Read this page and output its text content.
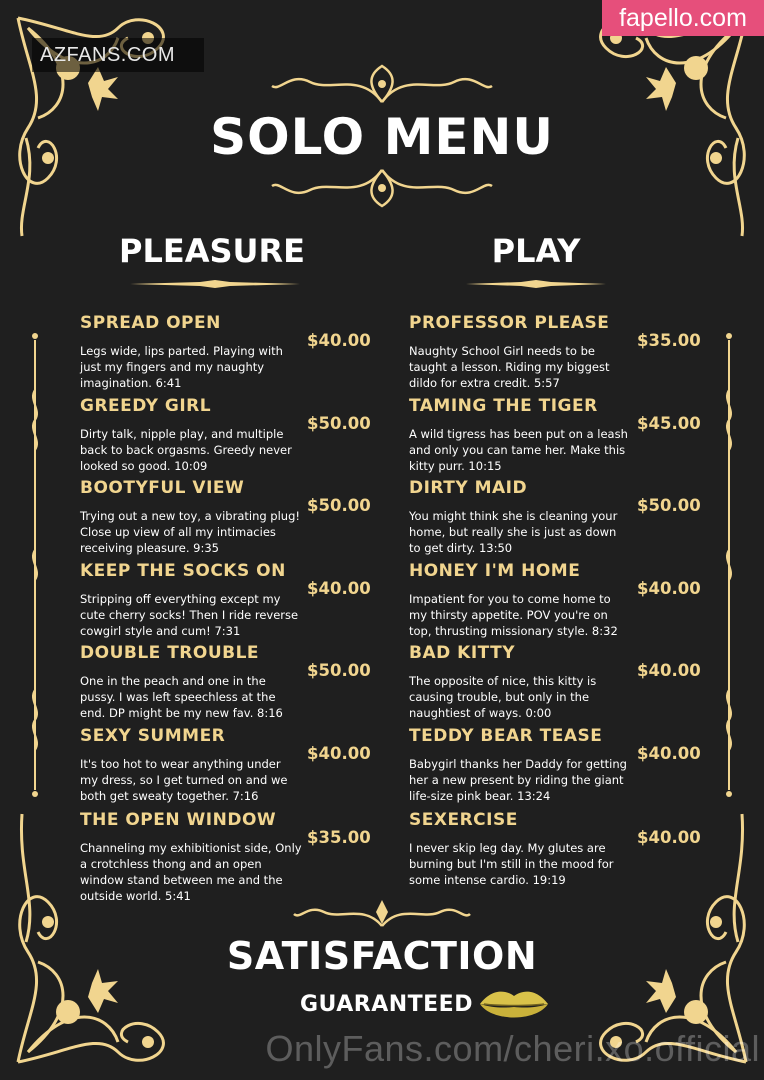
AZFANS.COM
fapello.com
SOLO MENU
PLEASURE	PLAY
SPREAD OPEN
Legs wide, lips parted. Playing with just my fingers and my naughty imagination. 6:41
$40.00
GREEDY GIRL
Dirty talk, nipple play, and multiple back to back orgasms. Greedy never looked so good. 10:09
$50.00
BOOTYFUL VIEW
Trying out a new toy, a vibrating plug! Close up view of all my intimacies receiving pleasure. 9:35
$50.00
KEEP THE SOCKS ON
Stripping off everything except my cute cherry socks! Then I ride reverse cowgirl style and cum! 7:31
$40.00
DOUBLE TROUBLE
One in the peach and one in the pussy. I was left speechless at the end. DP might be my new fav. 8:16
$50.00
SEXY SUMMER
It's too hot to wear anything under my dress, so I get turned on and we both get sweaty together. 7:16
$40.00
THE OPEN WINDOW
Channeling my exhibitionist side, Only a crotchless thong and an open window stand between me and the outside world. 5:41
$35.00
PROFESSOR PLEASE
Naughty School Girl needs to be taught a lesson. Riding my biggest dildo for extra credit. 5:57
$35.00
TAMING THE TIGER
A wild tigress has been put on a leash and only you can tame her. Make this kitty purr. 10:15
$45.00
DIRTY MAID
You might think she is cleaning your home, but really she is just as down to get dirty. 13:50
$50.00
HONEY I'M HOME
Impatient for you to come home to my thirsty appetite. POV you're on top, thrusting missionary style. 8:32
$40.00
BAD KITTY
The opposite of nice, this kitty is causing trouble, but only in the naughtiest of ways. 0:00
$40.00
TEDDY BEAR TEASE
Babygirl thanks her Daddy for getting her a new present by riding the giant life-size pink bear. 13:24
$40.00
SEXERCISE
I never skip leg day. My glutes are burning but I'm still in the mood for some intense cardio. 19:19
$40.00
SATISFACTION
GUARANTEED
OnlyFans.com/cheri.xo.official
